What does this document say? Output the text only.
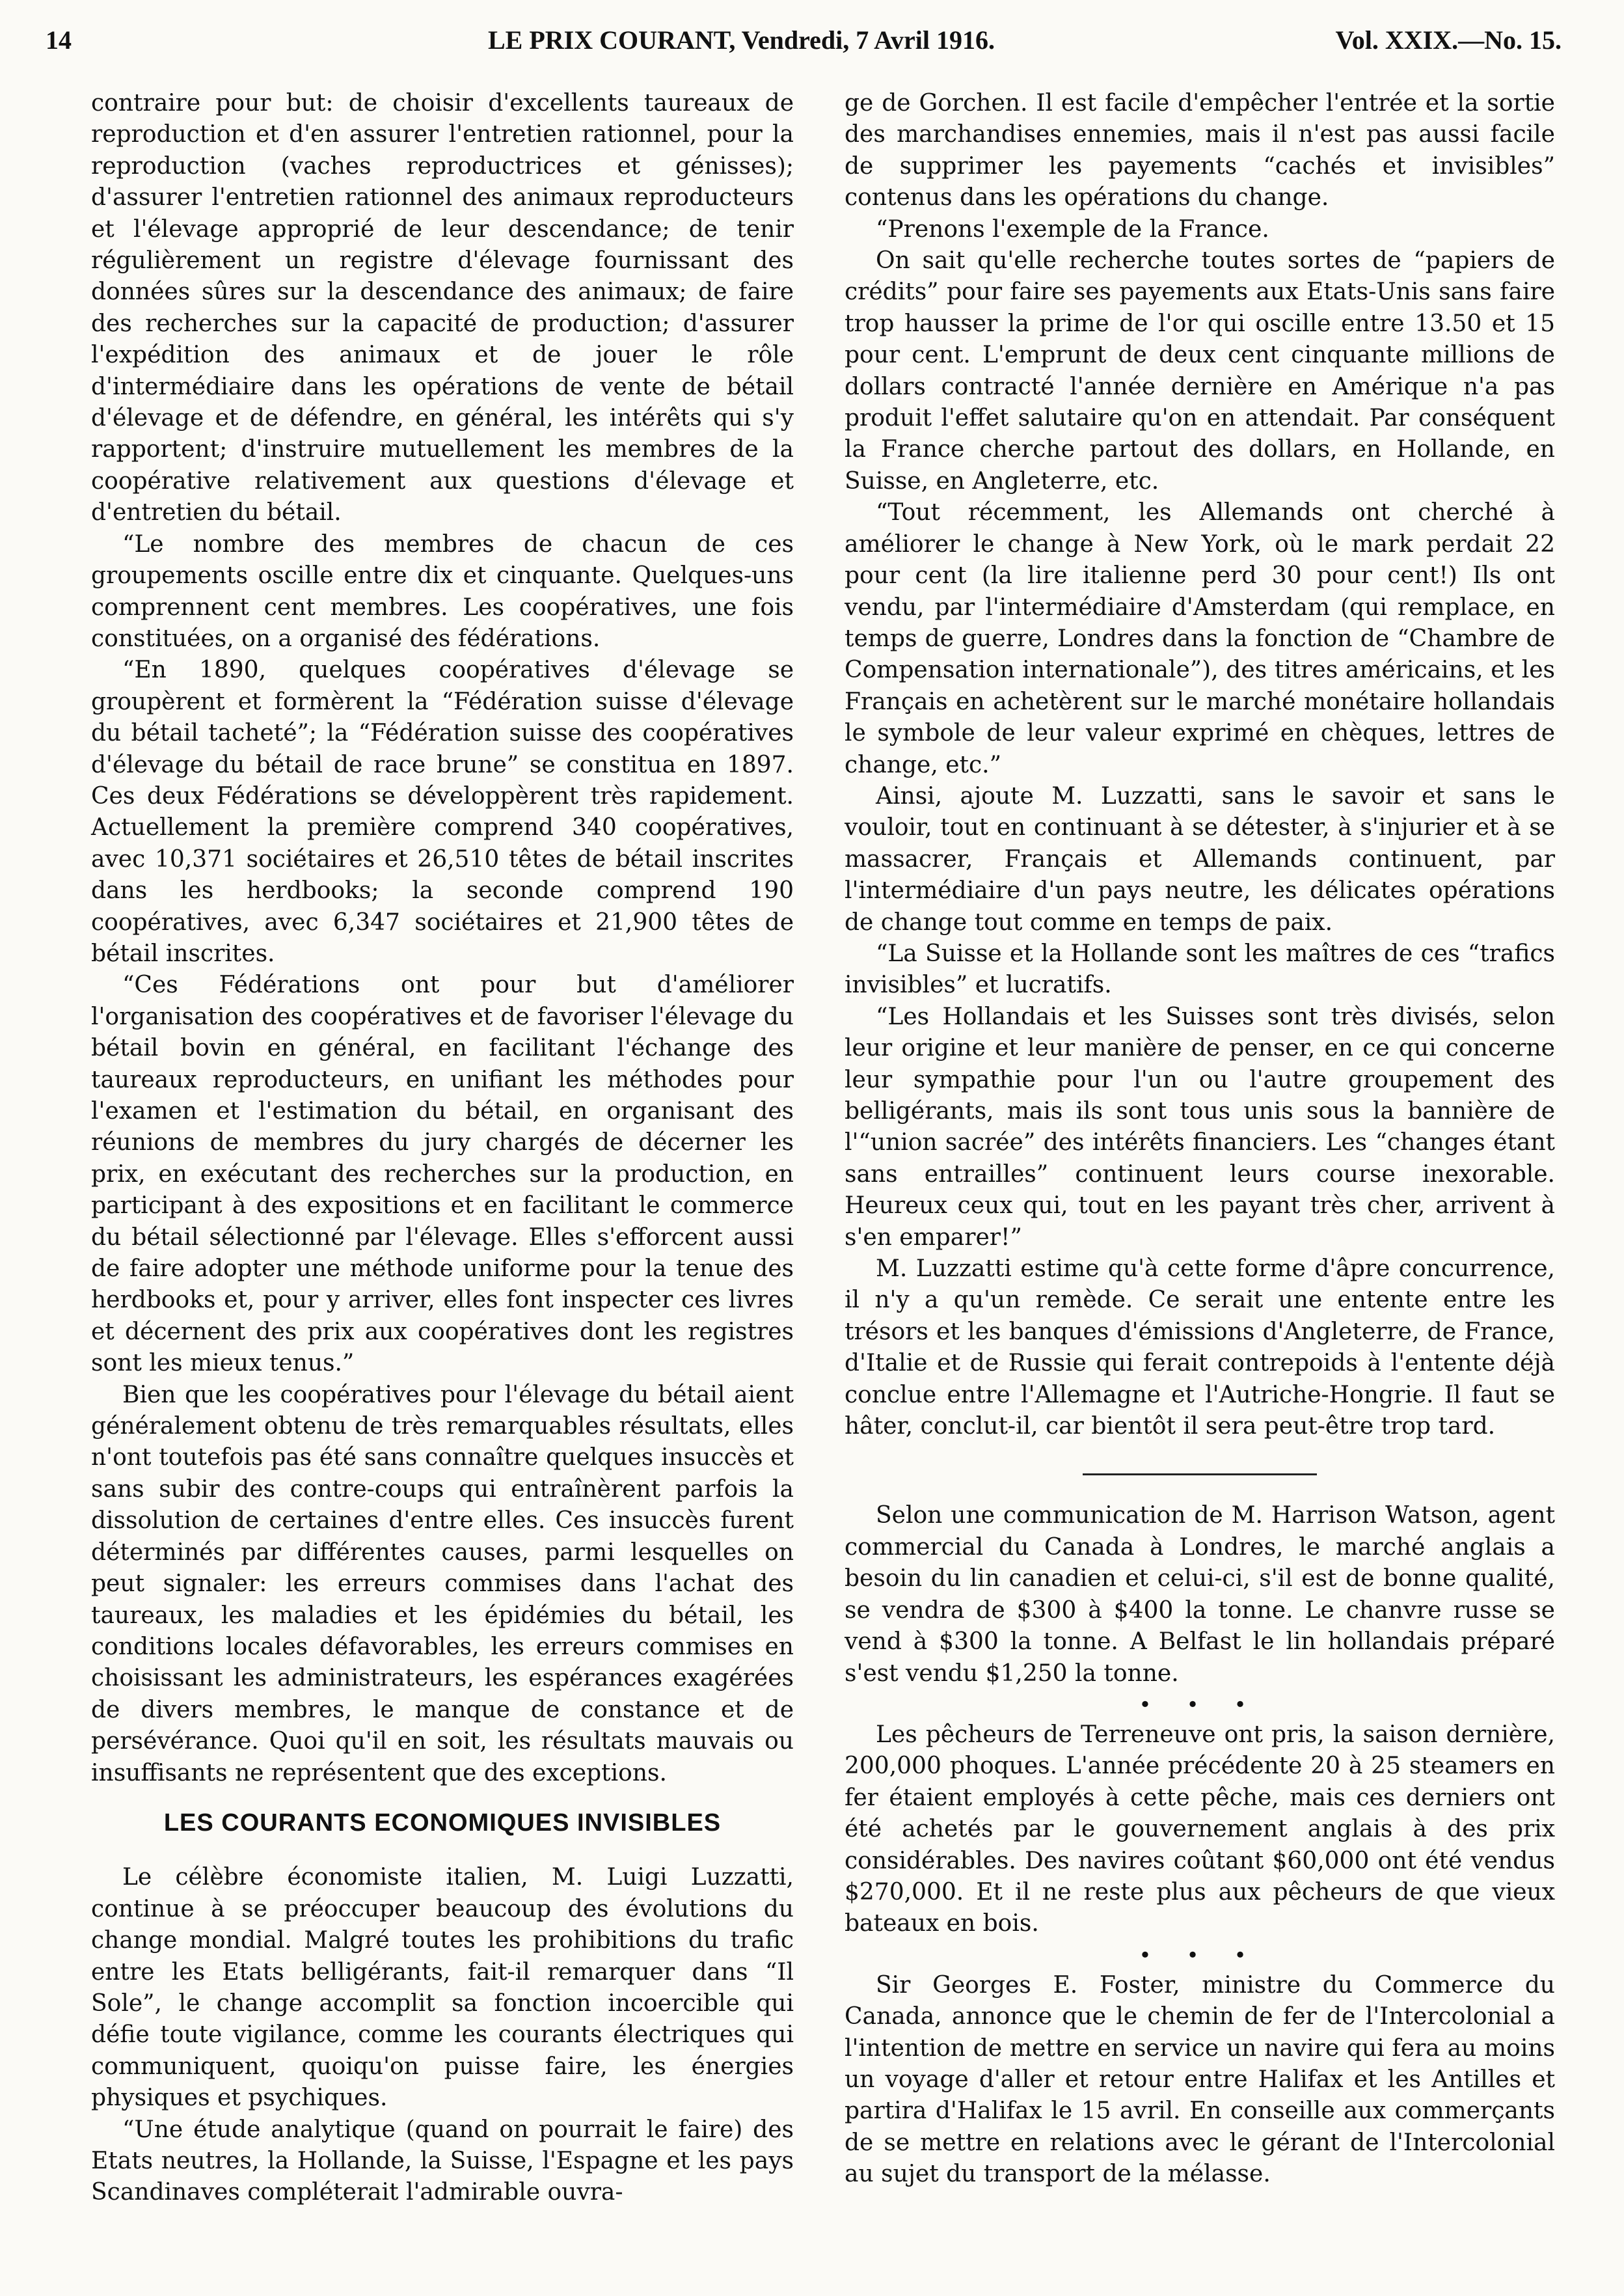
14	LE PRIX COURANT, Vendredi, 7 Avril 1916.	Vol. XXIX.—No. 15.

contraire pour but: de choisir d'excellents taureaux de reproduction et d'en assurer l'entretien rationnel, pour la reproduction (vaches reproductrices et génisses); d'assurer l'entretien rationnel des animaux reproducteurs et l'élevage approprié de leur descendance; de tenir régulièrement un registre d'élevage fournissant des données sûres sur la descendance des animaux; de faire des recherches sur la capacité de production; d'assurer l'expédition des animaux et de jouer le rôle d'intermédiaire dans les opérations de vente de bétail d'élevage et de défendre, en général, les intérêts qui s'y rapportent; d'instruire mutuellement les membres de la coopérative relativement aux questions d'élevage et d'entretien du bétail.

“Le nombre des membres de chacun de ces groupements oscille entre dix et cinquante. Quelques-uns comprennent cent membres. Les coopératives, une fois constituées, on a organisé des fédérations.

“En 1890, quelques coopératives d'élevage se groupèrent et formèrent la “Fédération suisse d'élevage du bétail tacheté”; la “Fédération suisse des coopératives d'élevage du bétail de race brune” se constitua en 1897. Ces deux Fédérations se développèrent très rapidement. Actuellement la première comprend 340 coopératives, avec 10,371 sociétaires et 26,510 têtes de bétail inscrites dans les herdbooks; la seconde comprend 190 coopératives, avec 6,347 sociétaires et 21,900 têtes de bétail inscrites.

“Ces Fédérations ont pour but d'améliorer l'organisation des coopératives et de favoriser l'élevage du bétail bovin en général, en facilitant l'échange des taureaux reproducteurs, en unifiant les méthodes pour l'examen et l'estimation du bétail, en organisant des réunions de membres du jury chargés de décerner les prix, en exécutant des recherches sur la production, en participant à des expositions et en facilitant le commerce du bétail sélectionné par l'élevage. Elles s'efforcent aussi de faire adopter une méthode uniforme pour la tenue des herdbooks et, pour y arriver, elles font inspecter ces livres et décernent des prix aux coopératives dont les registres sont les mieux tenus.”

Bien que les coopératives pour l'élevage du bétail aient généralement obtenu de très remarquables résultats, elles n'ont toutefois pas été sans connaître quelques insuccès et sans subir des contre-coups qui entraînèrent parfois la dissolution de certaines d'entre elles. Ces insuccès furent déterminés par différentes causes, parmi lesquelles on peut signaler: les erreurs commises dans l'achat des taureaux, les maladies et les épidémies du bétail, les conditions locales défavorables, les erreurs commises en choisissant les administrateurs, les espérances exagérées de divers membres, le manque de constance et de persévérance. Quoi qu'il en soit, les résultats mauvais ou insuffisants ne représentent que des exceptions.

LES COURANTS ECONOMIQUES INVISIBLES

Le célèbre économiste italien, M. Luigi Luzzatti, continue à se préoccuper beaucoup des évolutions du change mondial. Malgré toutes les prohibitions du trafic entre les Etats belligérants, fait-il remarquer dans “Il Sole”, le change accomplit sa fonction incoercible qui défie toute vigilance, comme les courants électriques qui communiquent, quoiqu'on puisse faire, les énergies physiques et psychiques.

“Une étude analytique (quand on pourrait le faire) des Etats neutres, la Hollande, la Suisse, l'Espagne et les pays Scandinaves compléterait l'admirable ouvra-

ge de Gorchen. Il est facile d'empêcher l'entrée et la sortie des marchandises ennemies, mais il n'est pas aussi facile de supprimer les payements “cachés et invisibles” contenus dans les opérations du change.

“Prenons l'exemple de la France.

On sait qu'elle recherche toutes sortes de “papiers de crédits” pour faire ses payements aux Etats-Unis sans faire trop hausser la prime de l'or qui oscille entre 13.50 et 15 pour cent. L'emprunt de deux cent cinquante millions de dollars contracté l'année dernière en Amérique n'a pas produit l'effet salutaire qu'on en attendait. Par conséquent la France cherche partout des dollars, en Hollande, en Suisse, en Angleterre, etc.

“Tout récemment, les Allemands ont cherché à améliorer le change à New York, où le mark perdait 22 pour cent (la lire italienne perd 30 pour cent!) Ils ont vendu, par l'intermédiaire d'Amsterdam (qui remplace, en temps de guerre, Londres dans la fonction de “Chambre de Compensation internationale”), des titres américains, et les Français en achetèrent sur le marché monétaire hollandais le symbole de leur valeur exprimé en chèques, lettres de change, etc.”

Ainsi, ajoute M. Luzzatti, sans le savoir et sans le vouloir, tout en continuant à se détester, à s'injurier et à se massacrer, Français et Allemands continuent, par l'intermédiaire d'un pays neutre, les délicates opérations de change tout comme en temps de paix.

“La Suisse et la Hollande sont les maîtres de ces “trafics invisibles” et lucratifs.

“Les Hollandais et les Suisses sont très divisés, selon leur origine et leur manière de penser, en ce qui concerne leur sympathie pour l'un ou l'autre groupement des belligérants, mais ils sont tous unis sous la bannière de l'“union sacrée” des intérêts financiers. Les “changes étant sans entrailles” continuent leurs course inexorable. Heureux ceux qui, tout en les payant très cher, arrivent à s'en emparer!”

M. Luzzatti estime qu'à cette forme d'âpre concurrence, il n'y a qu'un remède. Ce serait une entente entre les trésors et les banques d'émissions d'Angleterre, de France, d'Italie et de Russie qui ferait contrepoids à l'entente déjà conclue entre l'Allemagne et l'Autriche-Hongrie. Il faut se hâter, conclut-il, car bientôt il sera peut-être trop tard.

Selon une communication de M. Harrison Watson, agent commercial du Canada à Londres, le marché anglais a besoin du lin canadien et celui-ci, s'il est de bonne qualité, se vendra de $300 à $400 la tonne. Le chanvre russe se vend à $300 la tonne. A Belfast le lin hollandais préparé s'est vendu $1,250 la tonne.

• • •

Les pêcheurs de Terreneuve ont pris, la saison dernière, 200,000 phoques. L'année précédente 20 à 25 steamers en fer étaient employés à cette pêche, mais ces derniers ont été achetés par le gouvernement anglais à des prix considérables. Des navires coûtant $60,000 ont été vendus $270,000. Et il ne reste plus aux pêcheurs de que vieux bateaux en bois.

• • •

Sir Georges E. Foster, ministre du Commerce du Canada, annonce que le chemin de fer de l'Intercolonial a l'intention de mettre en service un navire qui fera au moins un voyage d'aller et retour entre Halifax et les Antilles et partira d'Halifax le 15 avril. En conseille aux commerçants de se mettre en relations avec le gérant de l'Intercolonial au sujet du transport de la mélasse.
